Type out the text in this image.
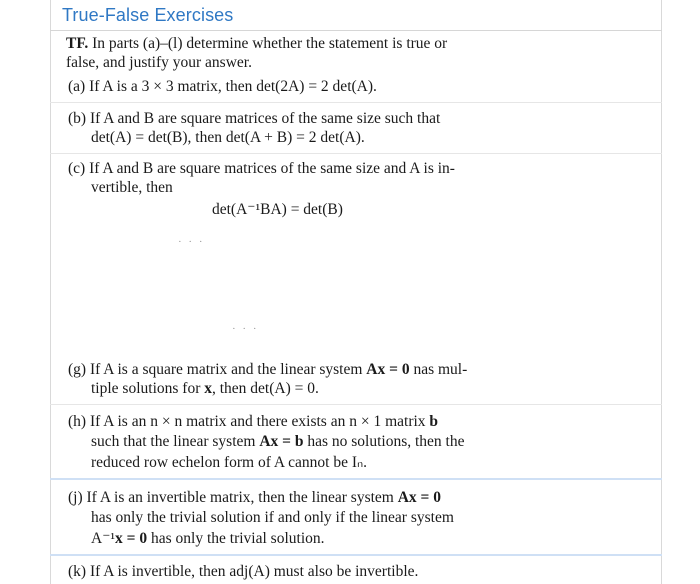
True-False Exercises
TF. In parts (a)–(l) determine whether the statement is true or
false, and justify your answer.
(a) If A is a 3 × 3 matrix, then det(2A) = 2 det(A).
(b) If A and B are square matrices of the same size such that
det(A) = det(B), then det(A + B) = 2 det(A).
(c) If A and B are square matrices of the same size and A is in-
vertible, then
det(A⁻¹BA) = det(B)
· · ·
· · ·
(g) If A is a square matrix and the linear system Ax = 0 nas mul-
tiple solutions for x, then det(A) = 0.
(h) If A is an n × n matrix and there exists an n × 1 matrix b
such that the linear system Ax = b has no solutions, then the
reduced row echelon form of A cannot be Iₙ.
(j) If A is an invertible matrix, then the linear system Ax = 0
has only the trivial solution if and only if the linear system
A⁻¹x = 0 has only the trivial solution.
(k) If A is invertible, then adj(A) must also be invertible.
